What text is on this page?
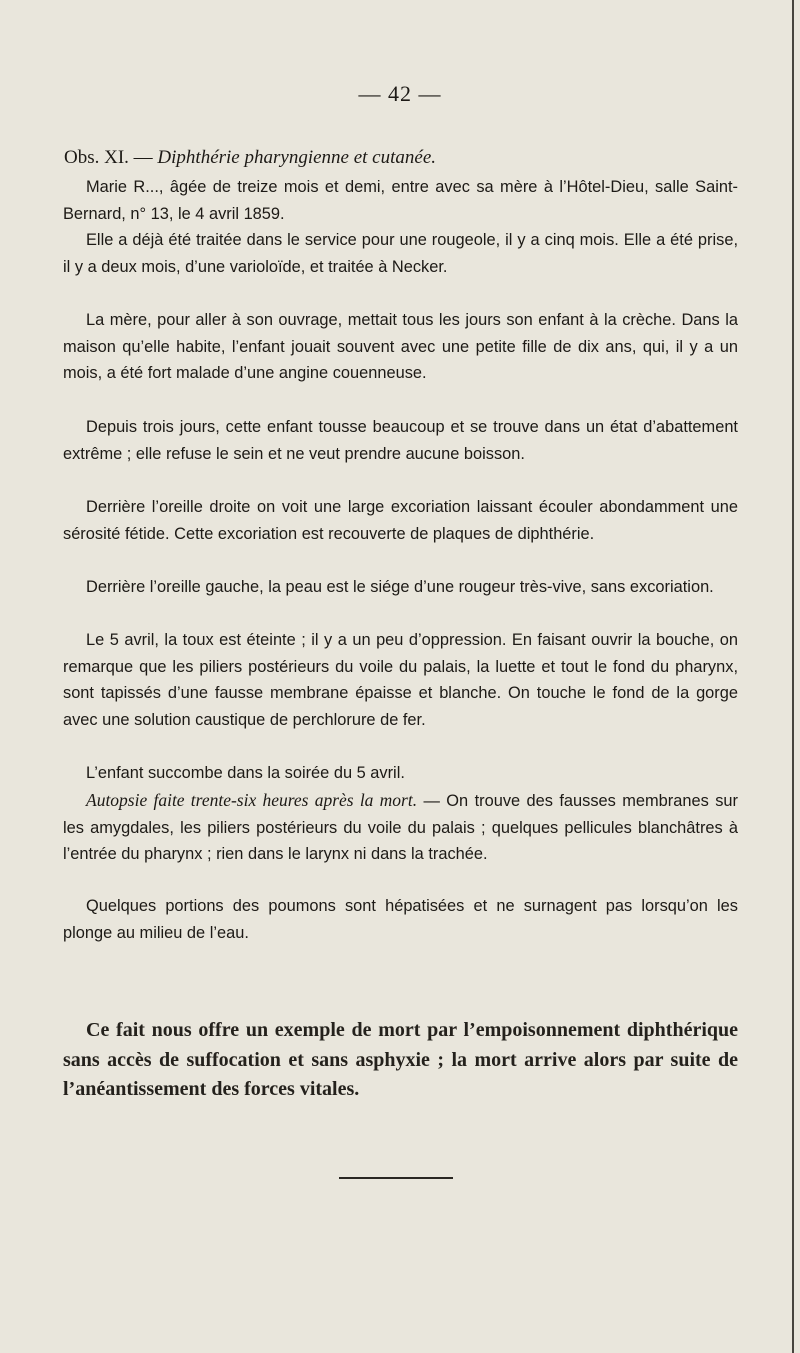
— 42 —
Obs. XI. — Diphthérie pharyngienne et cutanée.

Marie R..., âgée de treize mois et demi, entre avec sa mère à l’Hôtel-Dieu, salle Saint-Bernard, n° 13, le 4 avril 1859.

Elle a déjà été traitée dans le service pour une rougeole, il y a cinq mois. Elle a été prise, il y a deux mois, d’une varioloïde, et traitée à Necker.

La mère, pour aller à son ouvrage, mettait tous les jours son enfant à la crèche. Dans la maison qu’elle habite, l’enfant jouait souvent avec une petite fille de dix ans, qui, il y a un mois, a été fort malade d’une angine couenneuse.

Depuis trois jours, cette enfant tousse beaucoup et se trouve dans un état d’abattement extrême ; elle refuse le sein et ne veut prendre aucune boisson.

Derrière l’oreille droite on voit une large excoriation laissant écouler abondamment une sérosité fétide. Cette excoriation est recouverte de plaques de diphthérie.

Derrière l’oreille gauche, la peau est le siége d’une rougeur très-vive, sans excoriation.

Le 5 avril, la toux est éteinte ; il y a un peu d’oppression. En faisant ouvrir la bouche, on remarque que les piliers postérieurs du voile du palais, la luette et tout le fond du pharynx, sont tapissés d’une fausse membrane épaisse et blanche. On touche le fond de la gorge avec une solution caustique de perchlorure de fer.

L’enfant succombe dans la soirée du 5 avril.

Autopsie faite trente-six heures après la mort. — On trouve des fausses membranes sur les amygdales, les piliers postérieurs du voile du palais ; quelques pellicules blanchâtres à l’entrée du pharynx ; rien dans le larynx ni dans la trachée.

Quelques portions des poumons sont hépatisées et ne surnagent pas lorsqu’on les plonge au milieu de l’eau.

Ce fait nous offre un exemple de mort par l’empoisonnement diphthérique sans accès de suffocation et sans asphyxie ; la mort arrive alors par suite de l’anéantissement des forces vitales.
